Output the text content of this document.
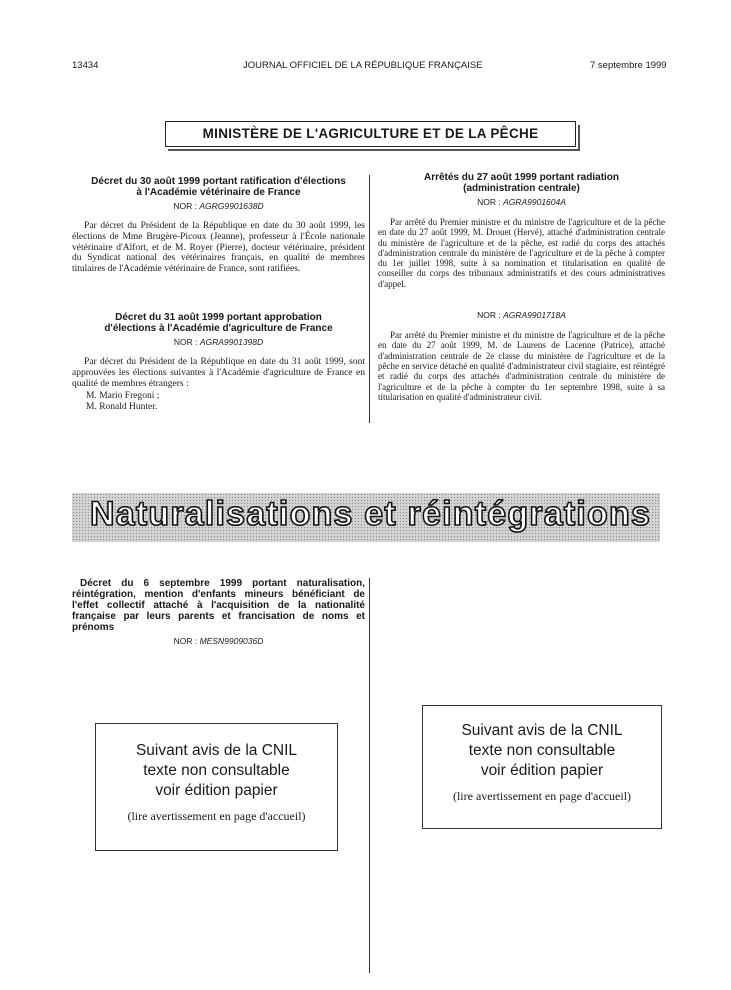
13434	JOURNAL OFFICIEL DE LA RÉPUBLIQUE FRANÇAISE	7 septembre 1999
MINISTÈRE DE L'AGRICULTURE ET DE LA PÊCHE
Décret du 30 août 1999 portant ratification d'élections
à l'Académie vétérinaire de France
NOR : AGRG9901638D

Par décret du Président de la République en date du 30 août 1999, les élections de Mme Brugère-Picoux (Jeanne), professeur à l'École nationale vétérinaire d'Alfort, et de M. Royer (Pierre), docteur vétérinaire, président du Syndicat national des vétérinaires français, en qualité de membres titulaires de l'Académie vétérinaire de France, sont ratifiées.

Décret du 31 août 1999 portant approbation
d'élections à l'Académie d'agriculture de France
NOR : AGRA9901398D

Par décret du Président de la République en date du 31 août 1999, sont approuvées les élections suivantes à l'Académie d'agriculture de France en qualité de membres étrangers :

M. Mario Fregoni ;
M. Ronald Hunter.
Arrêtés du 27 août 1999 portant radiation
(administration centrale)
NOR : AGRA9901604A

Par arrêté du Premier ministre et du ministre de l'agriculture et de la pêche en date du 27 août 1999, M. Drouet (Hervé), attaché d'administration centrale du ministère de l'agriculture et de la pêche, est radié du corps des attachés d'administration centrale du ministère de l'agriculture et de la pêche à compter du 1er juillet 1998, suite à sa nomination et titularisation en qualité de conseiller du corps des tribunaux administratifs et des cours administratives d'appel.

NOR : AGRA9901718A

Par arrêté du Premier ministre et du ministre de l'agriculture et de la pêche en date du 27 août 1999, M. de Laurens de Lacenne (Patrice), attaché d'administration centrale de 2e classe du ministère de l'agriculture et de la pêche en service détaché en qualité d'administrateur civil stagiaire, est réintégré et radié du corps des attachés d'administration centrale du ministère de l'agriculture et de la pêche à compter du 1er septembre 1998, suite à sa titularisation en qualité d'administrateur civil.

Naturalisations et réintégrations
Décret du 6 septembre 1999 portant naturalisation, réintégration, mention d'enfants mineurs bénéficiant de l'effet collectif attaché à l'acquisition de la nationalité française par leurs parents et francisation de noms et prénoms
NOR : MESN9909036D
Suivant avis de la CNIL
texte non consultable
voir édition papier
(lire avertissement en page d'accueil)
Suivant avis de la CNIL
texte non consultable
voir édition papier
(lire avertissement en page d'accueil)
